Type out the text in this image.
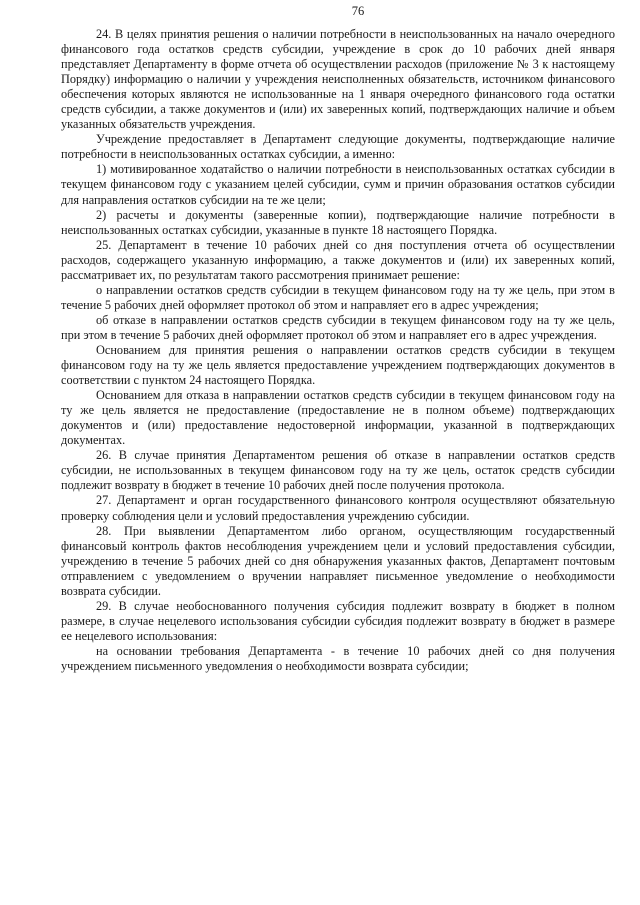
76

24. В целях принятия решения о наличии потребности в неиспользованных на начало очередного финансового года остатков средств субсидии, учреждение в срок до 10 рабочих дней января представляет Департаменту в форме отчета об осуществлении расходов (приложение № 3 к настоящему Порядку) информацию о наличии у учреждения неисполненных обязательств, источником финансового обеспечения которых являются не использованные на 1 января очередного финансового года остатки средств субсидии, а также документов и (или) их заверенных копий, подтверждающих наличие и объем указанных обязательств учреждения.

Учреждение предоставляет в Департамент следующие документы, подтверждающие наличие потребности в неиспользованных остатках субсидии, а именно:

1) мотивированное ходатайство о наличии потребности в неиспользованных остатках субсидии в текущем финансовом году с указанием целей субсидии, сумм и причин образования остатков субсидии для направления остатков субсидии на те же цели;

2) расчеты и документы (заверенные копии), подтверждающие наличие потребности в неиспользованных остатках субсидии, указанные в пункте 18 настоящего Порядка.

25. Департамент в течение 10 рабочих дней со дня поступления отчета об осуществлении расходов, содержащего указанную информацию, а также документов и (или) их заверенных копий, рассматривает их, по результатам такого рассмотрения принимает решение:

о направлении остатков средств субсидии в текущем финансовом году на ту же цель, при этом в течение 5 рабочих дней оформляет протокол об этом и направляет его в адрес учреждения;

об отказе в направлении остатков средств субсидии в текущем финансовом году на ту же цель, при этом в течение 5 рабочих дней оформляет протокол об этом и направляет его в адрес учреждения.

Основанием для принятия решения о направлении остатков средств субсидии в текущем финансовом году на ту же цель является предоставление учреждением подтверждающих документов в соответствии с пунктом 24 настоящего Порядка.

Основанием для отказа в направлении остатков средств субсидии в текущем финансовом году на ту же цель является не предоставление (предоставление не в полном объеме) подтверждающих документов и (или) предоставление недостоверной информации, указанной в подтверждающих документах.

26. В случае принятия Департаментом решения об отказе в направлении остатков средств субсидии, не использованных в текущем финансовом году на ту же цель, остаток средств субсидии подлежит возврату в бюджет в течение 10 рабочих дней после получения протокола.

27. Департамент и орган государственного финансового контроля осуществляют обязательную проверку соблюдения цели и условий предоставления учреждению субсидии.

28. При выявлении Департаментом либо органом, осуществляющим государственный финансовый контроль фактов несоблюдения учреждением цели и условий предоставления субсидии, учреждению в течение 5 рабочих дней со дня обнаружения указанных фактов, Департамент почтовым отправлением с уведомлением о вручении направляет письменное уведомление о необходимости возврата субсидии.

29. В случае необоснованного получения субсидия подлежит возврату в бюджет в полном размере, в случае нецелевого использования субсидии субсидия подлежит возврату в бюджет в размере ее нецелевого использования:

на основании требования Департамента - в течение 10 рабочих дней со дня получения учреждением письменного уведомления о необходимости возврата субсидии;
